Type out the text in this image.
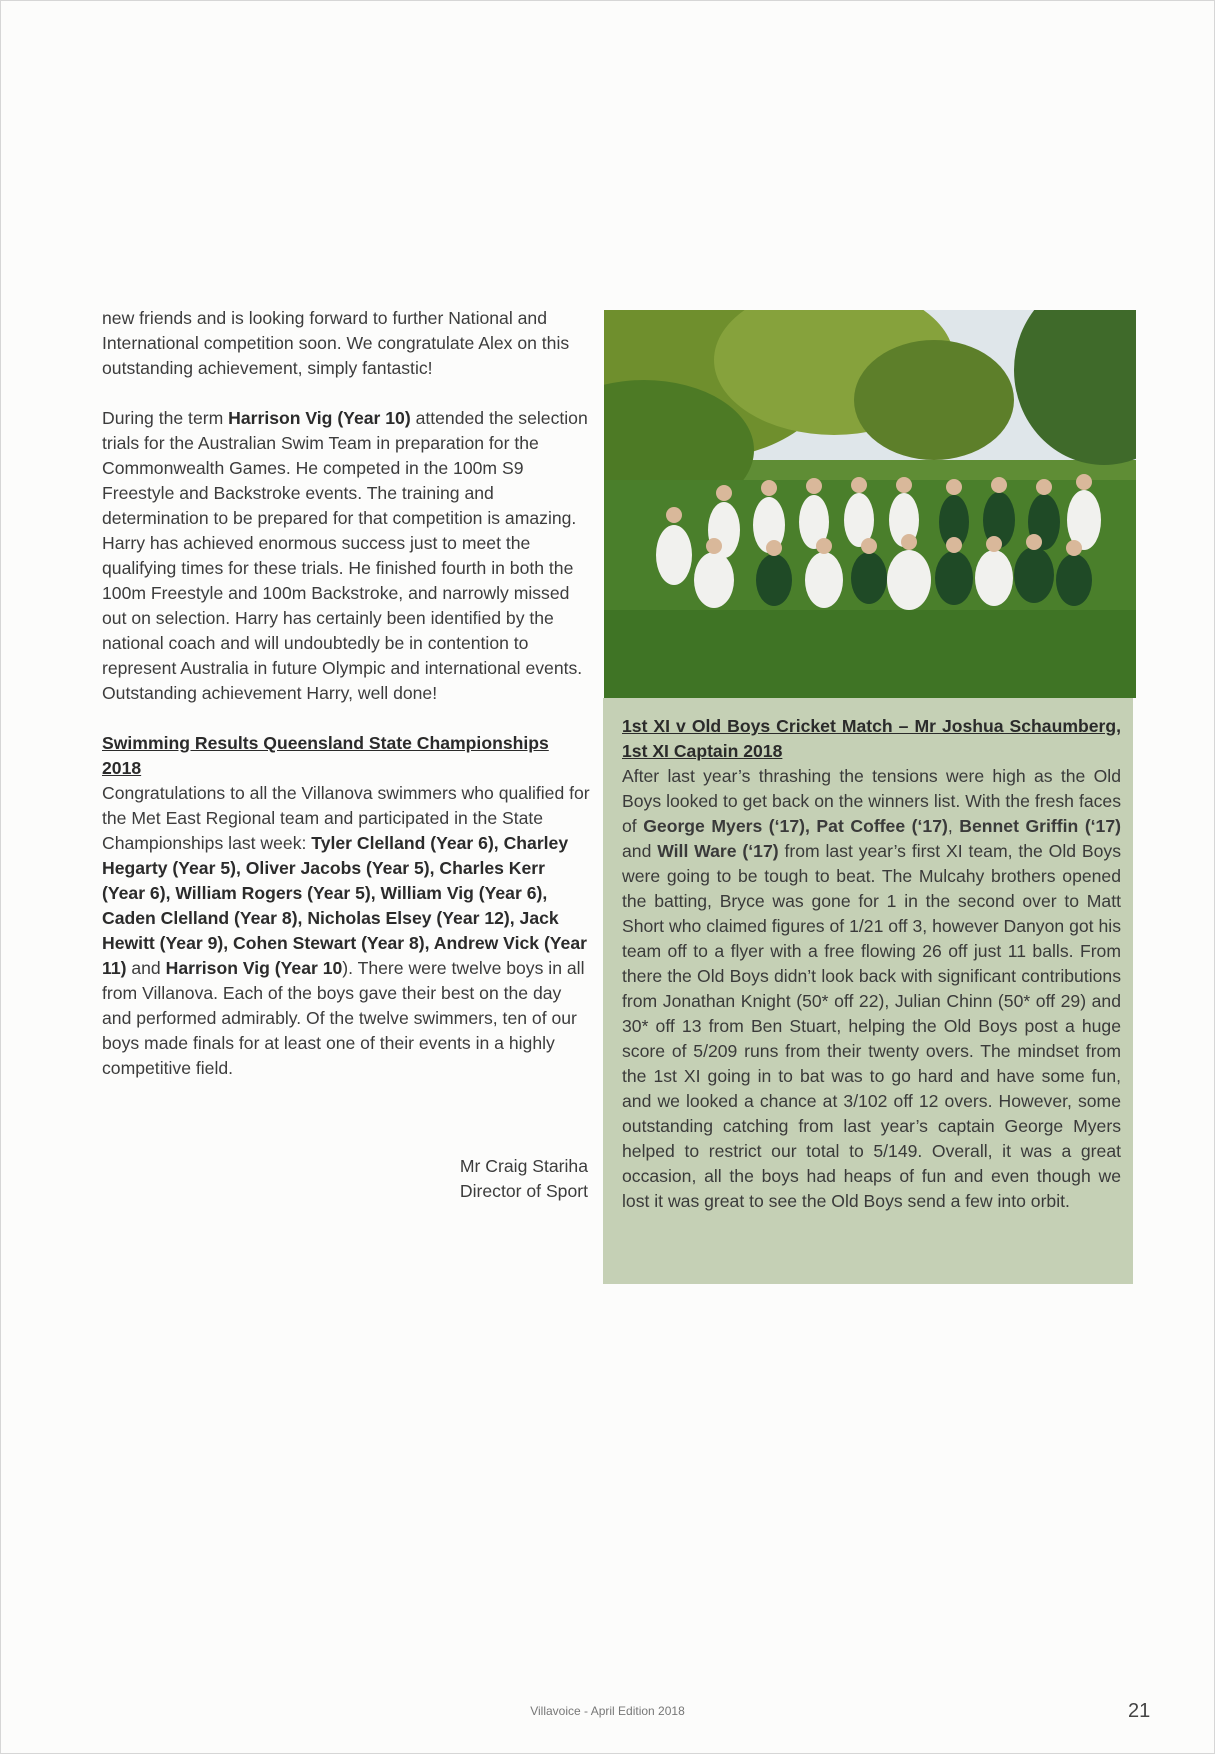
new friends and is looking forward to further National and International competition soon. We congratulate Alex on this outstanding achievement, simply fantastic!

During the term Harrison Vig (Year 10) attended the selection trials for the Australian Swim Team in preparation for the Commonwealth Games. He competed in the 100m S9 Freestyle and Backstroke events. The training and determination to be prepared for that competition is amazing. Harry has achieved enormous success just to meet the qualifying times for these trials. He finished fourth in both the 100m Freestyle and 100m Backstroke, and narrowly missed out on selection. Harry has certainly been identified by the national coach and will undoubtedly be in contention to represent Australia in future Olympic and international events. Outstanding achievement Harry, well done!

Swimming Results Queensland State Championships 2018

Congratulations to all the Villanova swimmers who qualified for the Met East Regional team and participated in the State Championships last week: Tyler Clelland (Year 6), Charley Hegarty (Year 5), Oliver Jacobs (Year 5), Charles Kerr (Year 6), William Rogers (Year 5), William Vig (Year 6), Caden Clelland (Year 8), Nicholas Elsey (Year 12), Jack Hewitt (Year 9), Cohen Stewart (Year 8), Andrew Vick (Year 11) and Harrison Vig (Year 10). There were twelve boys in all from Villanova. Each of the boys gave their best on the day and performed admirably. Of the twelve swimmers, ten of our boys made finals for at least one of their events in a highly competitive field.

Mr Craig Stariha
Director of Sport
1st XI v Old Boys Cricket Match – Mr Joshua Schaumberg, 1st XI Captain 2018
After last year’s thrashing the tensions were high as the Old Boys looked to get back on the winners list. With the fresh faces of George Myers (‘17), Pat Coffee (‘17), Bennet Griffin (‘17) and Will Ware (‘17) from last year’s first XI team, the Old Boys were going to be tough to beat. The Mulcahy brothers opened the batting, Bryce was gone for 1 in the second over to Matt Short who claimed figures of 1/21 off 3, however Danyon got his team off to a flyer with a free flowing 26 off just 11 balls. From there the Old Boys didn’t look back with significant contributions from Jonathan Knight (50* off 22), Julian Chinn (50* off 29) and 30* off 13 from Ben Stuart, helping the Old Boys post a huge score of 5/209 runs from their twenty overs. The mindset from the 1st XI going in to bat was to go hard and have some fun, and we looked a chance at 3/102 off 12 overs. However, some outstanding catching from last year’s captain George Myers helped to restrict our total to 5/149. Overall, it was a great occasion, all the boys had heaps of fun and even though we lost it was great to see the Old Boys send a few into orbit.
Villavoice - April Edition 2018	21
